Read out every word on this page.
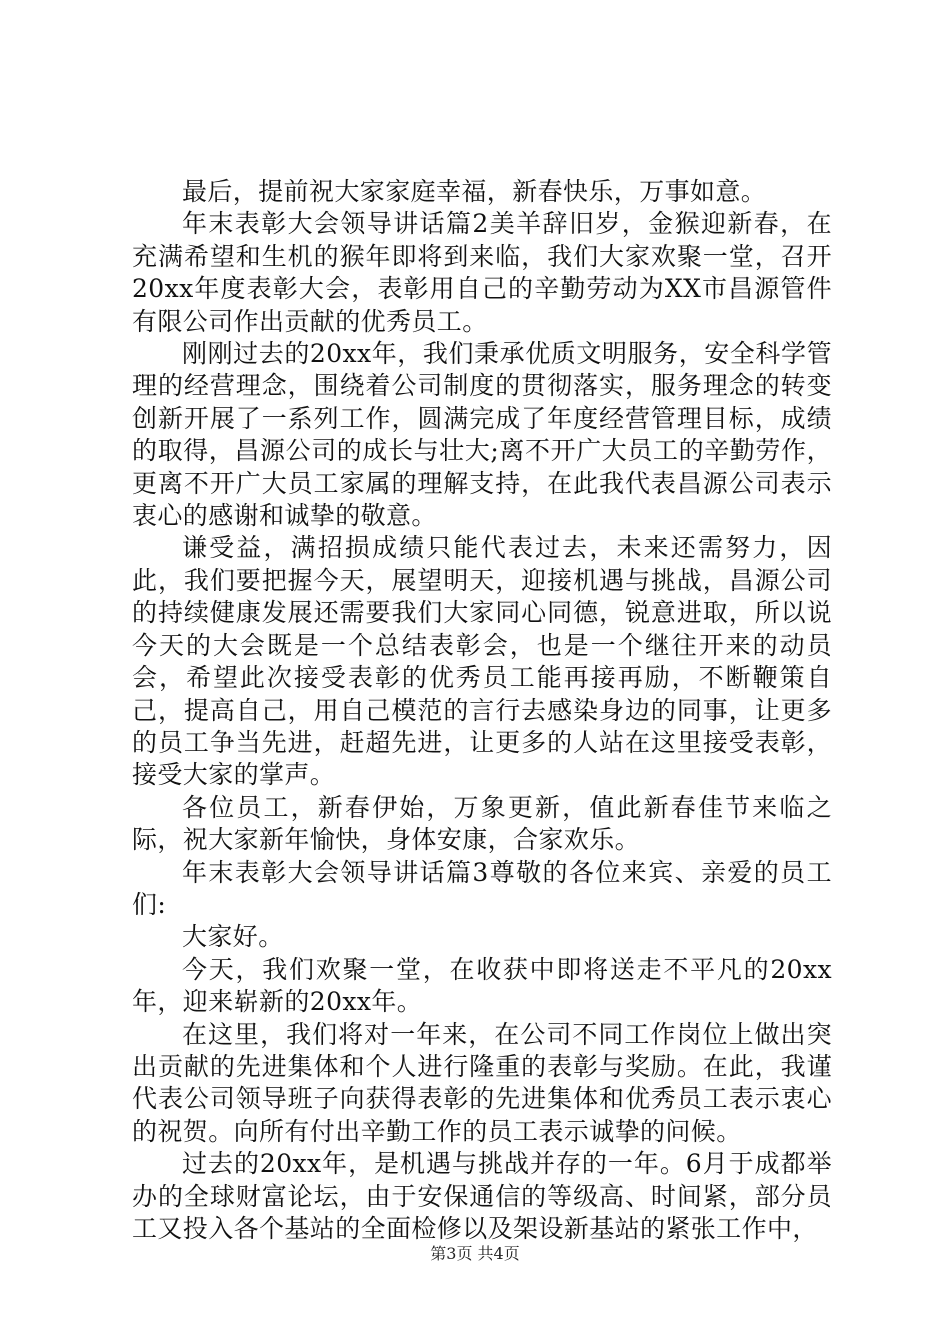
最后，提前祝大家家庭幸福，新春快乐，万事如意。

年末表彰大会领导讲话篇2美羊辞旧岁，金猴迎新春，在充满希望和生机的猴年即将到来临，我们大家欢聚一堂，召开20xx年度表彰大会，表彰用自己的辛勤劳动为XX市昌源管件有限公司作出贡献的优秀员工。

刚刚过去的20xx年，我们秉承优质文明服务，安全科学管理的经营理念，围绕着公司制度的贯彻落实，服务理念的转变创新开展了一系列工作，圆满完成了年度经营管理目标，成绩的取得，昌源公司的成长与壮大;离不开广大员工的辛勤劳作，更离不开广大员工家属的理解支持，在此我代表昌源公司表示衷心的感谢和诚挚的敬意。

谦受益，满招损成绩只能代表过去，未来还需努力，因此，我们要把握今天，展望明天，迎接机遇与挑战，昌源公司的持续健康发展还需要我们大家同心同德，锐意进取，所以说今天的大会既是一个总结表彰会，也是一个继往开来的动员会，希望此次接受表彰的优秀员工能再接再励，不断鞭策自己，提高自己，用自己模范的言行去感染身边的同事，让更多的员工争当先进，赶超先进，让更多的人站在这里接受表彰，接受大家的掌声。

各位员工，新春伊始，万象更新，值此新春佳节来临之际，祝大家新年愉快，身体安康，合家欢乐。

年末表彰大会领导讲话篇3尊敬的各位来宾、亲爱的员工们:

大家好。

今天，我们欢聚一堂，在收获中即将送走不平凡的20xx年，迎来崭新的20xx年。

在这里，我们将对一年来，在公司不同工作岗位上做出突出贡献的先进集体和个人进行隆重的表彰与奖励。在此，我谨代表公司领导班子向获得表彰的先进集体和优秀员工表示衷心的祝贺。向所有付出辛勤工作的员工表示诚挚的问候。

过去的20xx年，是机遇与挑战并存的一年。6月于成都举办的全球财富论坛，由于安保通信的等级高、时间紧，部分员工又投入各个基站的全面检修以及架设新基站的紧张工作中，

第3页 共4页
